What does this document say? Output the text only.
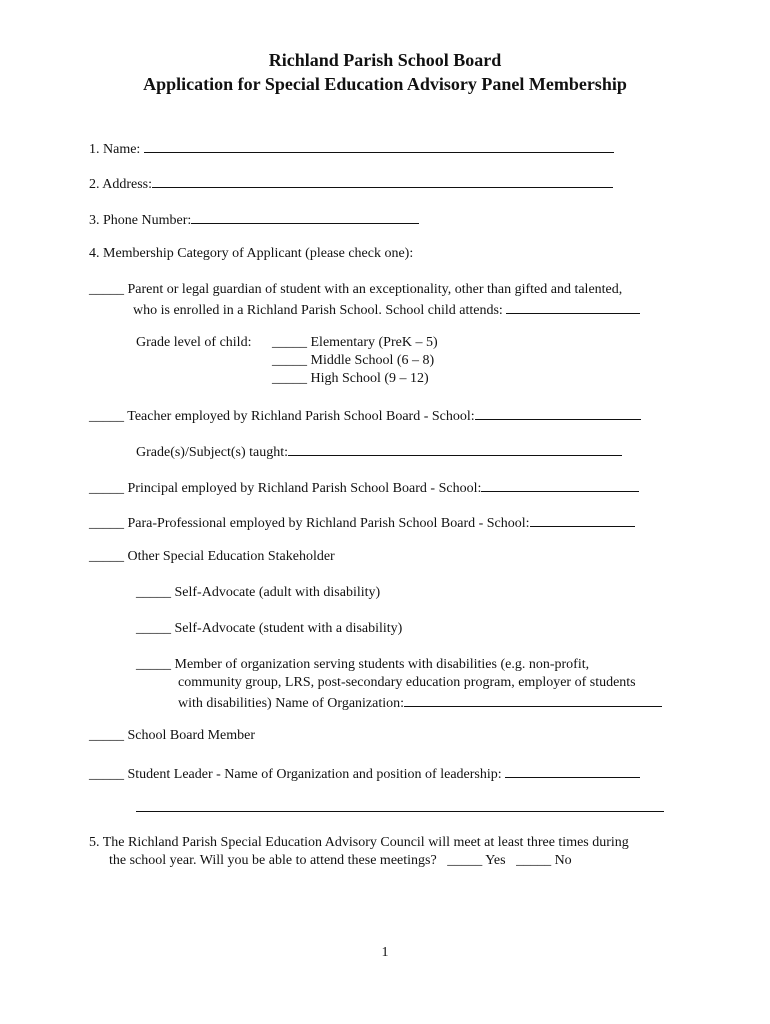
Richland Parish School Board
Application for Special Education Advisory Panel Membership
1. Name:
2. Address:
3. Phone Number:
4. Membership Category of Applicant (please check one):
_____ Parent or legal guardian of student with an exceptionality, other than gifted and talented,
who is enrolled in a Richland Parish School. School child attends:
Grade level of child: _____ Elementary (PreK – 5)
_____ Middle School (6 – 8)
_____ High School (9 – 12)
_____ Teacher employed by Richland Parish School Board - School:
Grade(s)/Subject(s) taught:
_____ Principal employed by Richland Parish School Board - School:
_____ Para-Professional employed by Richland Parish School Board - School:
_____ Other Special Education Stakeholder
_____ Self-Advocate (adult with disability)
_____ Self-Advocate (student with a disability)
_____ Member of organization serving students with disabilities (e.g. non-profit,
community group, LRS, post-secondary education program, employer of students
with disabilities) Name of Organization:
_____ School Board Member
_____ Student Leader - Name of Organization and position of leadership:
5. The Richland Parish Special Education Advisory Council will meet at least three times during
the school year. Will you be able to attend these meetings? _____ Yes _____ No
1
